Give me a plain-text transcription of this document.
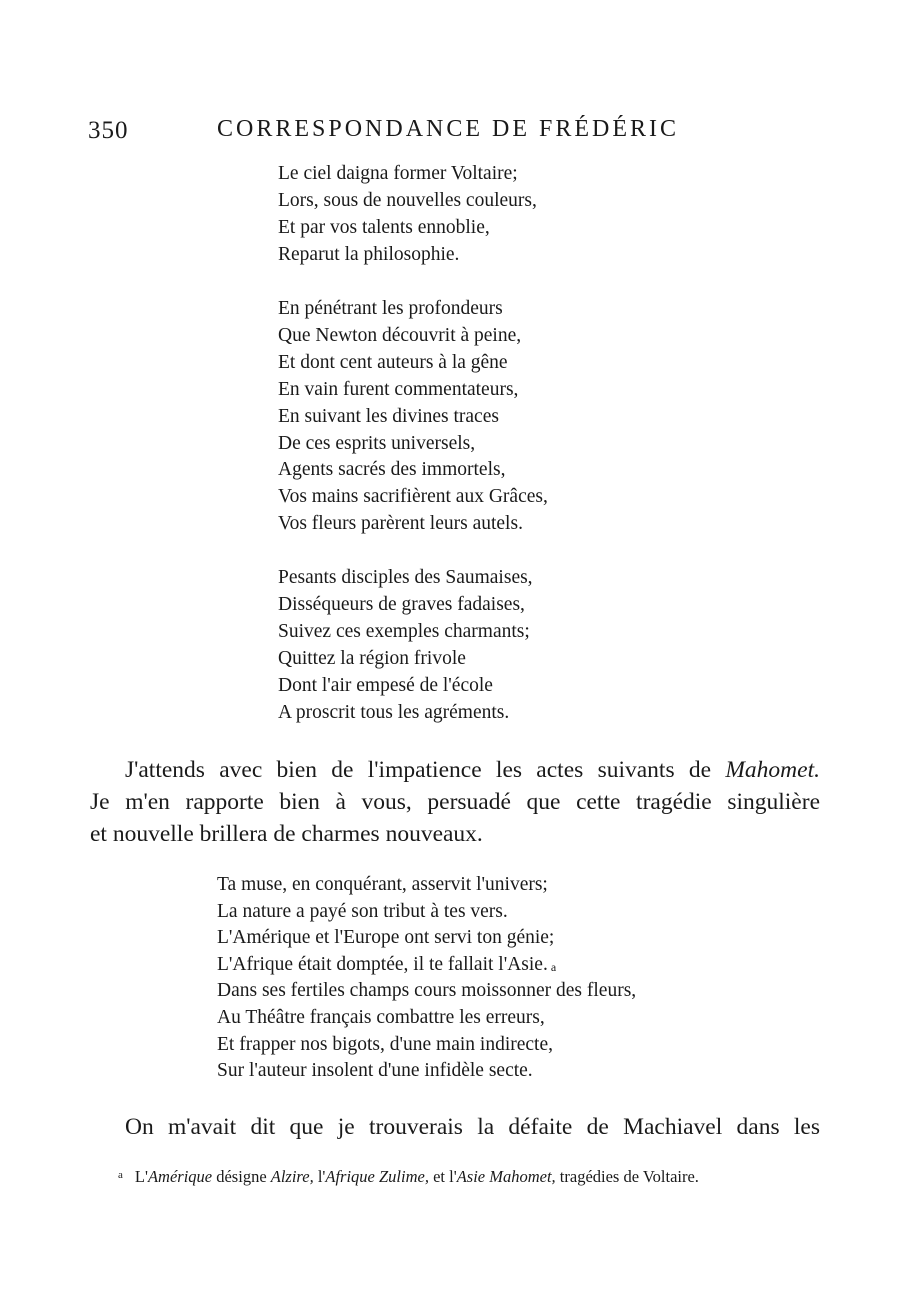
350	CORRESPONDANCE DE FRÉDÉRIC
Le ciel daigna former Voltaire;
Lors, sous de nouvelles couleurs,
Et par vos talents ennoblie,
Reparut la philosophie.
En pénétrant les profondeurs
Que Newton découvrit à peine,
Et dont cent auteurs à la gêne
En vain furent commentateurs,
En suivant les divines traces
De ces esprits universels,
Agents sacrés des immortels,
Vos mains sacrifièrent aux Grâces,
Vos fleurs parèrent leurs autels.
Pesants disciples des Saumaises,
Disséqueurs de graves fadaises,
Suivez ces exemples charmants;
Quittez la région frivole
Dont l'air empesé de l'école
A proscrit tous les agréments.
J'attends avec bien de l'impatience les actes suivants de Mahomet.
Je m'en rapporte bien à vous, persuadé que cette tragédie singulière
et nouvelle brillera de charmes nouveaux.
Ta muse, en conquérant, asservit l'univers;
La nature a payé son tribut à tes vers.
L'Amérique et l'Europe ont servi ton génie;
L'Afrique était domptée, il te fallait l'Asie. $^a$
Dans ses fertiles champs cours moissonner des fleurs,
Au Théâtre français combattre les erreurs,
Et frapper nos bigots, d'une main indirecte,
Sur l'auteur insolent d'une infidèle secte.
On m'avait dit que je trouverais la défaite de Machiavel dans les
$^a$ L'Amérique désigne Alzire, l'Afrique Zulime, et l'Asie Mahomet, tragédies de Voltaire.
